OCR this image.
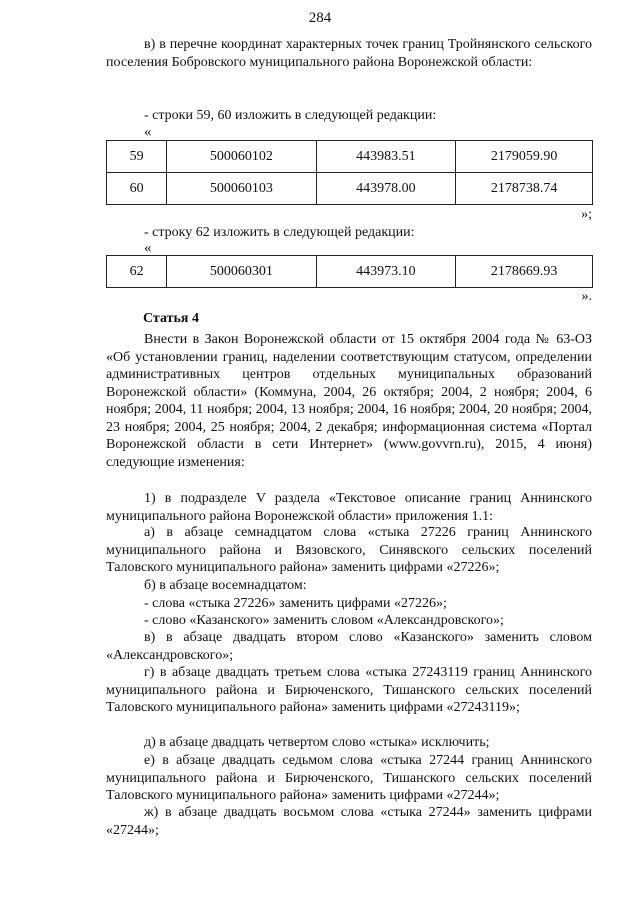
284

в) в перечне координат характерных точек границ Тройнянского сельского поселения Бобровского муниципального района Воронежской области:

- строки 59, 60 изложить в следующей редакции:

«
59	500060102	443983.51	2179059.90
60	500060103	443978.00	2178738.74
»;

- строку 62 изложить в следующей редакции:

«
62	500060301	443973.10	2178669.93
».
Статья 4

Внести в Закон Воронежской области от 15 октября 2004 года № 63-ОЗ «Об установлении границ, наделении соответствующим статусом, определении административных центров отдельных муниципальных образований Воронежской области» (Коммуна, 2004, 26 октября; 2004, 2 ноября; 2004, 6 ноября; 2004, 11 ноября; 2004, 13 ноября; 2004, 16 ноября; 2004, 20 ноября; 2004, 23 ноября; 2004, 25 ноября; 2004, 2 декабря; информационная система «Портал Воронежской области в сети Интернет» (www.govvrn.ru), 2015, 4 июня) следующие изменения:

1) в подразделе V раздела «Текстовое описание границ Аннинского муниципального района Воронежской области» приложения 1.1:

а) в абзаце семнадцатом слова «стыка 27226 границ Аннинского муниципального района и Вязовского, Синявского сельских поселений Таловского муниципального района» заменить цифрами «27226»;

б) в абзаце восемнадцатом:

- слова «стыка 27226» заменить цифрами «27226»;

- слово «Казанского» заменить словом «Александровского»;

в) в абзаце двадцать втором слово «Казанского» заменить словом «Александровского»;

г) в абзаце двадцать третьем слова «стыка 27243119 границ Аннинского муниципального района и Бирюченского, Тишанского сельских поселений Таловского муниципального района» заменить цифрами «27243119»;

д) в абзаце двадцать четвертом слово «стыка» исключить;

е) в абзаце двадцать седьмом слова «стыка 27244 границ Аннинского муниципального района и Бирюченского, Тишанского сельских поселений Таловского муниципального района» заменить цифрами «27244»;

ж) в абзаце двадцать восьмом слова «стыка 27244» заменить цифрами «27244»;
